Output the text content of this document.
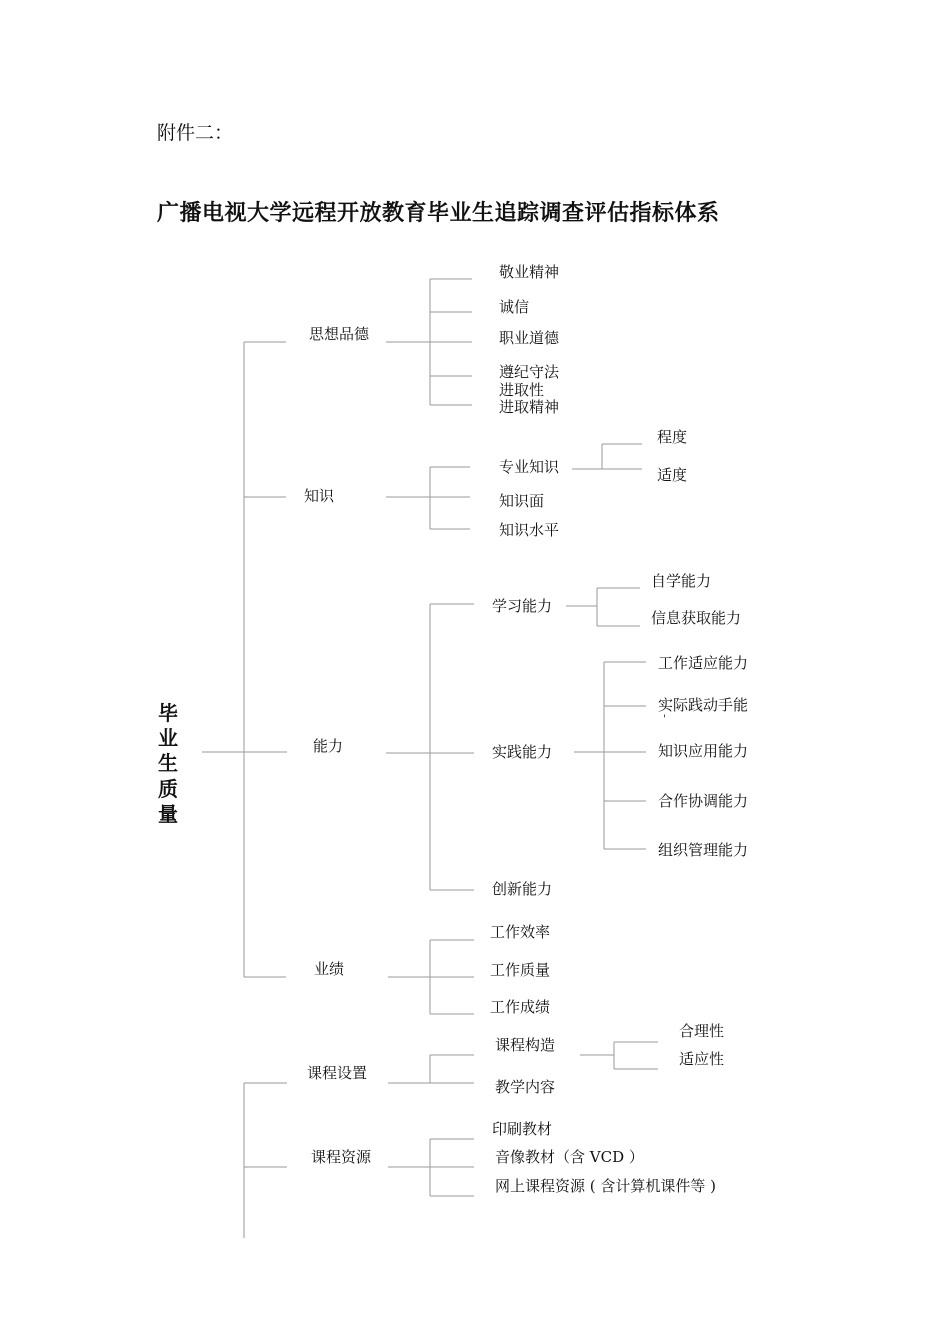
附件二：
广播电视大学远程开放教育毕业生追踪调查评估指标体系
毕
业
生
质
量
思想品德
敬业精神
诚信
职业道德
遵纪守法
进取性
进取精神
知识
专业知识
程度
适度
知识面
知识水平
能力
学习能力
自学能力
信息获取能力
实践能力
工作适应能力
实际践动手能
'
知识应用能力
合作协调能力
组织管理能力
创新能力
业绩
工作效率
工作质量
工作成绩
课程设置
课程构造
合理性
适应性
教学内容
课程资源
印刷教材
音像教材（含 VCD ）
网上课程资源 ( 含计算机课件等 )
